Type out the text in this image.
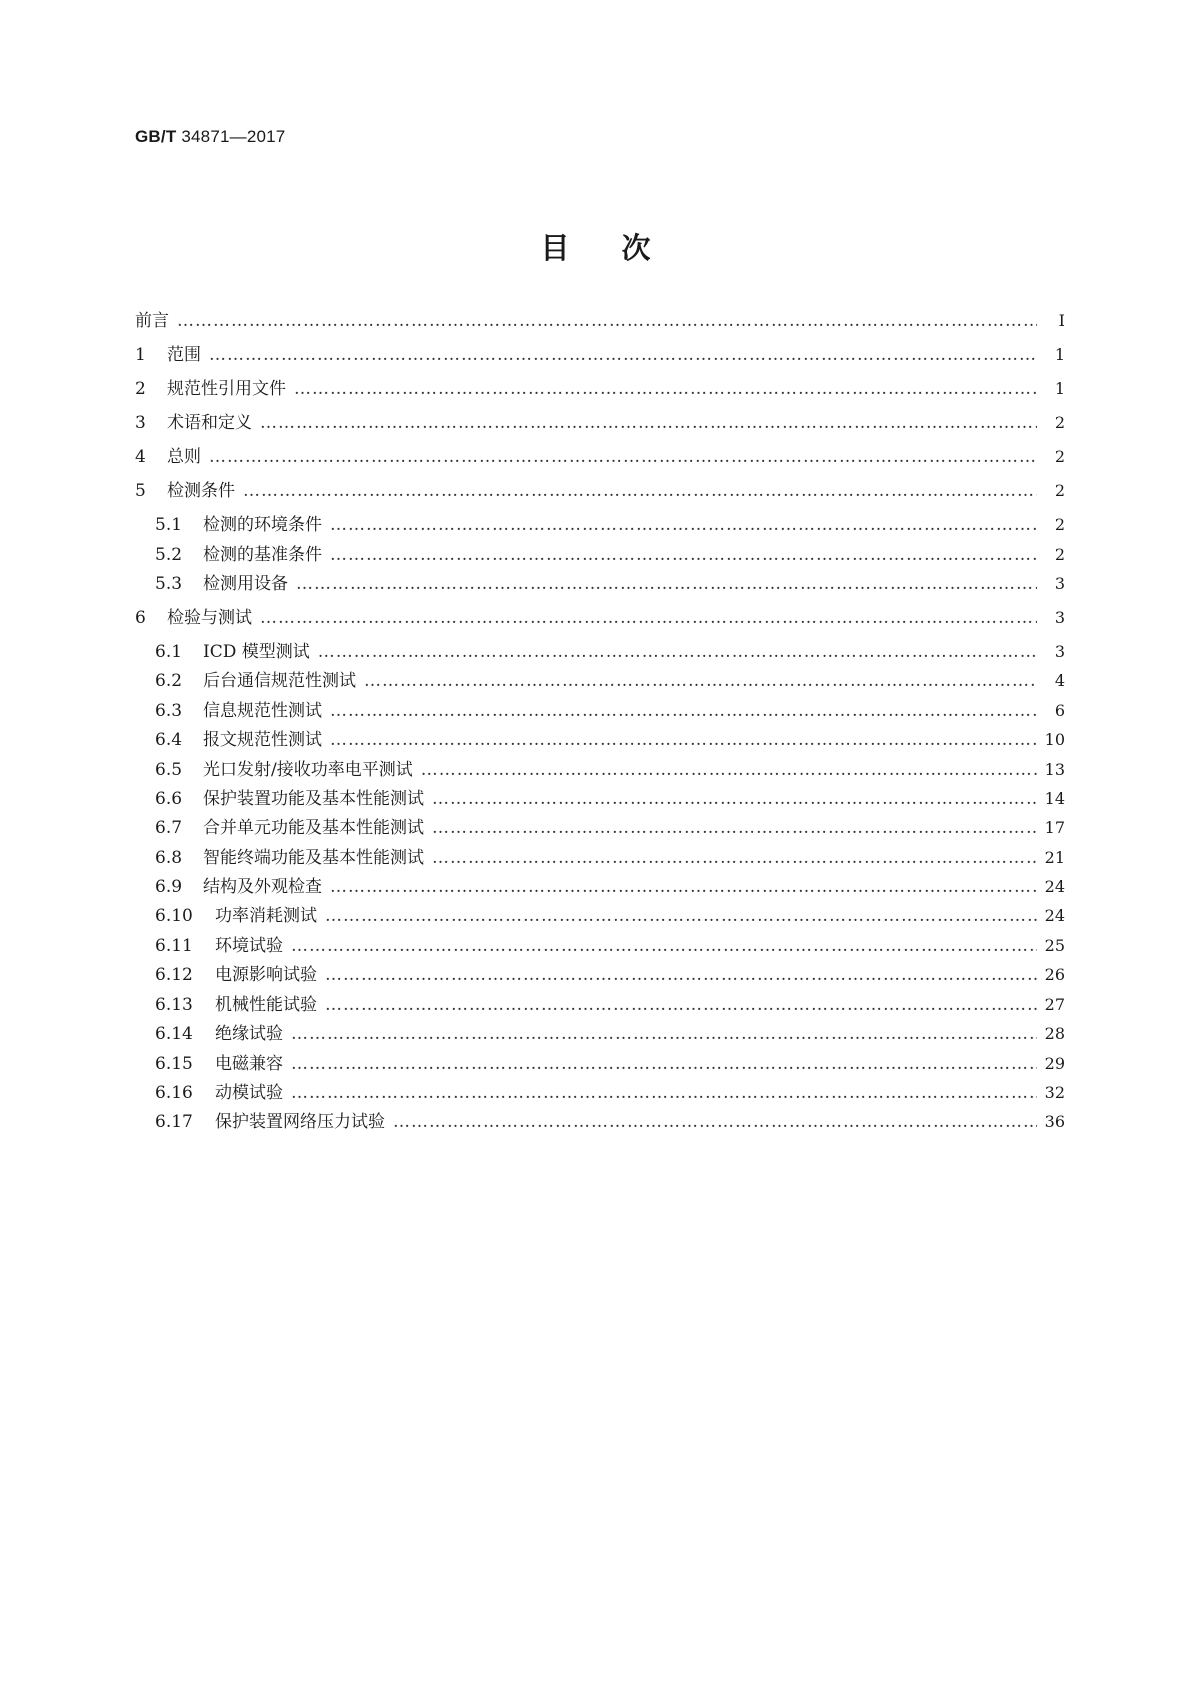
GB/T 34871—2017
目次
前言 ……………………………………………………………………………………………………………………………………………………………………………………………………………………………………………………………	Ⅰ
1	范围 ……………………………………………………………………………………………………………………………………………………………………………………………………………………………………………………………	1
2	规范性引用文件 ……………………………………………………………………………………………………………………………………………………………………………………………………………………………………………………………	1
3	术语和定义 ……………………………………………………………………………………………………………………………………………………………………………………………………………………………………………………………	2
4	总则 ……………………………………………………………………………………………………………………………………………………………………………………………………………………………………………………………	2
5	检测条件 ……………………………………………………………………………………………………………………………………………………………………………………………………………………………………………………………	2
5.1	检测的环境条件 ……………………………………………………………………………………………………………………………………………………………………………………………………………………………………………………………	2
5.2	检测的基准条件 ……………………………………………………………………………………………………………………………………………………………………………………………………………………………………………………………	2
5.3	检测用设备 ……………………………………………………………………………………………………………………………………………………………………………………………………………………………………………………………	3
6	检验与测试 ……………………………………………………………………………………………………………………………………………………………………………………………………………………………………………………………	3
6.1	ICD 模型测试 ……………………………………………………………………………………………………………………………………………………………………………………………………………………………………………………………	3
6.2	后台通信规范性测试 ……………………………………………………………………………………………………………………………………………………………………………………………………………………………………………………………	4
6.3	信息规范性测试 ……………………………………………………………………………………………………………………………………………………………………………………………………………………………………………………………	6
6.4	报文规范性测试 ……………………………………………………………………………………………………………………………………………………………………………………………………………………………………………………………	10
6.5	光口发射/接收功率电平测试 ……………………………………………………………………………………………………………………………………………………………………………………………………………………………………………………………	13
6.6	保护装置功能及基本性能测试 ……………………………………………………………………………………………………………………………………………………………………………………………………………………………………………………………	14
6.7	合并单元功能及基本性能测试 ……………………………………………………………………………………………………………………………………………………………………………………………………………………………………………………………	17
6.8	智能终端功能及基本性能测试 ……………………………………………………………………………………………………………………………………………………………………………………………………………………………………………………………	21
6.9	结构及外观检查 ……………………………………………………………………………………………………………………………………………………………………………………………………………………………………………………………	24
6.10	功率消耗测试 ……………………………………………………………………………………………………………………………………………………………………………………………………………………………………………………………	24
6.11	环境试验 ……………………………………………………………………………………………………………………………………………………………………………………………………………………………………………………………	25
6.12	电源影响试验 ……………………………………………………………………………………………………………………………………………………………………………………………………………………………………………………………	26
6.13	机械性能试验 ……………………………………………………………………………………………………………………………………………………………………………………………………………………………………………………………	27
6.14	绝缘试验 ……………………………………………………………………………………………………………………………………………………………………………………………………………………………………………………………	28
6.15	电磁兼容 ……………………………………………………………………………………………………………………………………………………………………………………………………………………………………………………………	29
6.16	动模试验 ……………………………………………………………………………………………………………………………………………………………………………………………………………………………………………………………	32
6.17	保护装置网络压力试验 ……………………………………………………………………………………………………………………………………………………………………………………………………………………………………………………………	36
